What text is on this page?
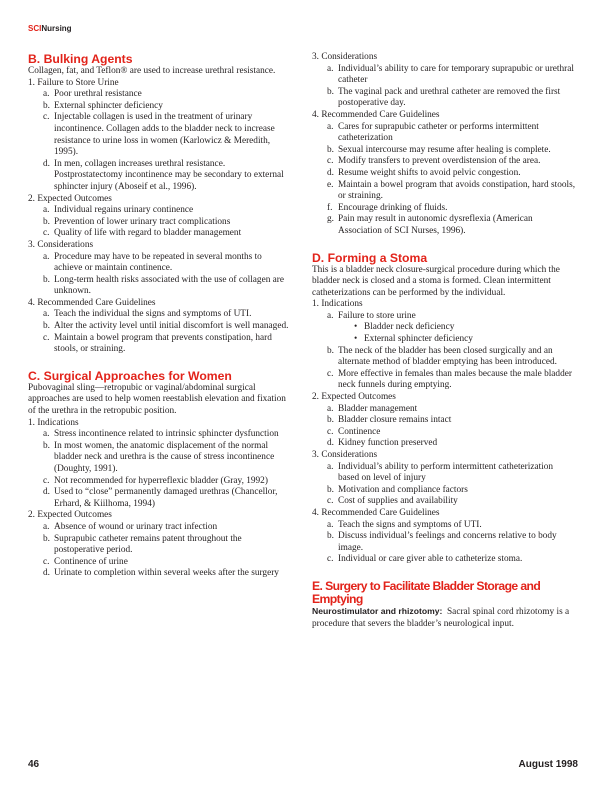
SCINursing
B. Bulking Agents

Collagen, fat, and Teflon® are used to increase urethral resistance.

1. Failure to Store Urine

a. Poor urethral resistance

b. External sphincter deficiency

c. Injectable collagen is used in the treatment of urinary incontinence. Collagen adds to the bladder neck to increase resistance to urine loss in women (Karlowicz & Meredith, 1995).

d. In men, collagen increases urethral resistance. Postprostatectomy incontinence may be secondary to external sphincter injury (Aboseif et al., 1996).

2. Expected Outcomes

a. Individual regains urinary continence

b. Prevention of lower urinary tract complications

c. Quality of life with regard to bladder management

3. Considerations

a. Procedure may have to be repeated in several months to achieve or maintain continence.

b. Long-term health risks associated with the use of collagen are unknown.

4. Recommended Care Guidelines

a. Teach the individual the signs and symptoms of UTI.

b. Alter the activity level until initial discomfort is well managed.

c. Maintain a bowel program that prevents constipation, hard stools, or straining.

C. Surgical Approaches for Women

Pubovaginal sling—retropubic or vaginal/abdominal surgical approaches are used to help women reestablish elevation and fixation of the urethra in the retropubic position.

1. Indications

a. Stress incontinence related to intrinsic sphincter dysfunction

b. In most women, the anatomic displacement of the normal bladder neck and urethra is the cause of stress incontinence (Doughty, 1991).

c. Not recommended for hyperreflexic bladder (Gray, 1992)

d. Used to “close” permanently damaged urethras (Chancellor, Erhard, & Kiilhoma, 1994)

2. Expected Outcomes

a. Absence of wound or urinary tract infection

b. Suprapubic catheter remains patent throughout the postoperative period.

c. Continence of urine

d. Urinate to completion within several weeks after the surgery

3. Considerations

a. Individual’s ability to care for temporary suprapubic or urethral catheter

b. The vaginal pack and urethral catheter are removed the first postoperative day.

4. Recommended Care Guidelines

a. Cares for suprapubic catheter or performs intermittent catheterization

b. Sexual intercourse may resume after healing is complete.

c. Modify transfers to prevent overdistension of the area.

d. Resume weight shifts to avoid pelvic congestion.

e. Maintain a bowel program that avoids constipation, hard stools, or straining.

f. Encourage drinking of fluids.

g. Pain may result in autonomic dysreflexia (American Association of SCI Nurses, 1996).

D. Forming a Stoma

This is a bladder neck closure-surgical procedure during which the bladder neck is closed and a stoma is formed. Clean intermittent catheterizations can be performed by the individual.

1. Indications

a. Failure to store urine

• Bladder neck deficiency

• External sphincter deficiency

b. The neck of the bladder has been closed surgically and an alternate method of bladder emptying has been introduced.

c. More effective in females than males because the male bladder neck funnels during emptying.

2. Expected Outcomes

a. Bladder management

b. Bladder closure remains intact

c. Continence

d. Kidney function preserved

3. Considerations

a. Individual’s ability to perform intermittent catheterization based on level of injury

b. Motivation and compliance factors

c. Cost of supplies and availability

4. Recommended Care Guidelines

a. Teach the signs and symptoms of UTI.

b. Discuss individual’s feelings and concerns relative to body image.

c. Individual or care giver able to catheterize stoma.

E. Surgery to Facilitate Bladder Storage and Emptying

Neurostimulator and rhizotomy: Sacral spinal cord rhizotomy is a procedure that severs the bladder’s neurological input.

46	August 1998
